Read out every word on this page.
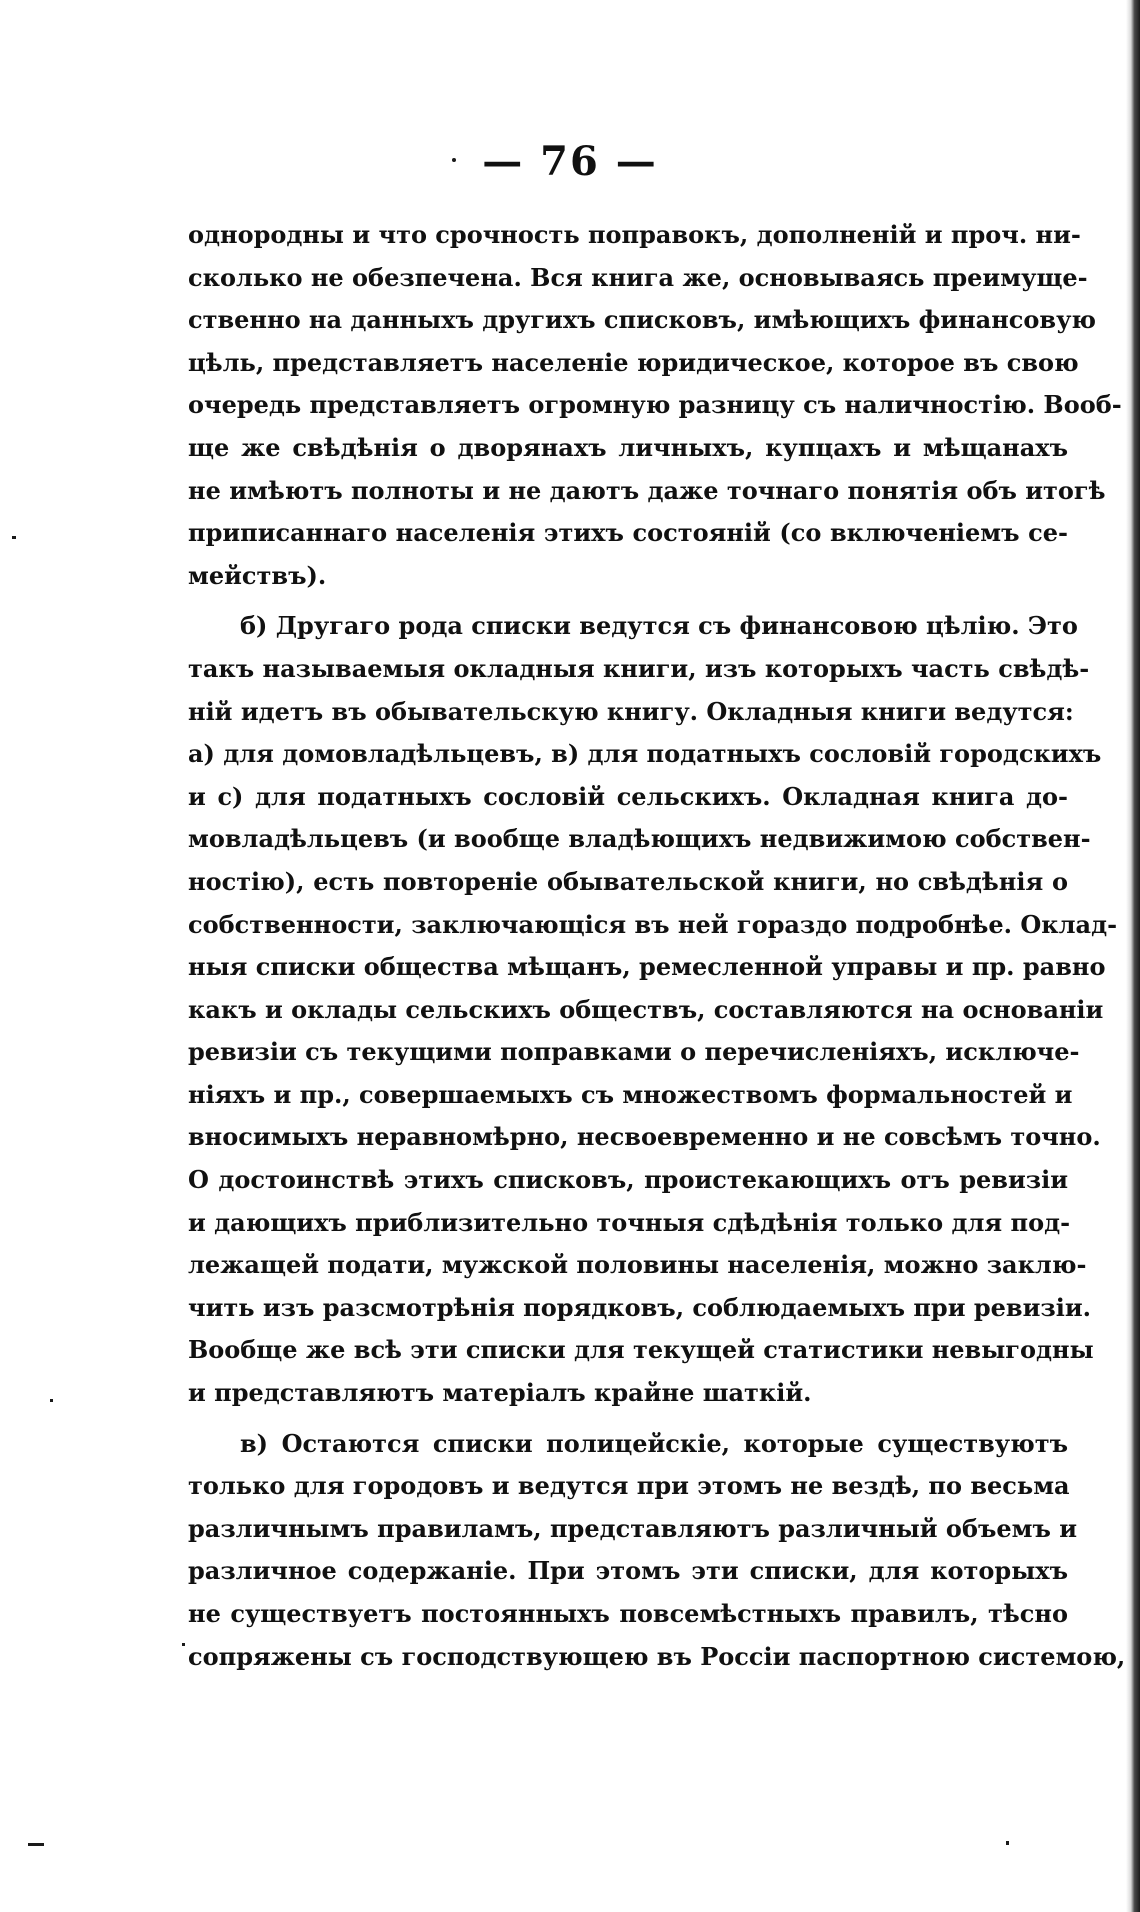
— 76 —
однородны и что срочность поправокъ, дополненій и проч. ни-
сколько не обезпечена. Вся книга же, основываясь преимуще-
ственно на данныхъ другихъ списковъ, имѣющихъ финансовую
цѣль, представляетъ населеніе юридическое, которое въ свою
очередь представляетъ огромную разницу съ наличностію. Вооб-
ще же свѣдѣнія о дворянахъ личныхъ, купцахъ и мѣщанахъ
не имѣютъ полноты и не даютъ даже точнаго понятія объ итогѣ
приписаннаго населенія этихъ состояній (со включеніемъ се-
мействъ).
б) Другаго рода списки ведутся съ финансовою цѣлію. Это
такъ называемыя окладныя книги, изъ которыхъ часть свѣдѣ-
ній идетъ въ обывательскую книгу. Окладныя книги ведутся:
а) для домовладѣльцевъ, в) для податныхъ сословій городскихъ
и с) для податныхъ сословій сельскихъ. Окладная книга до-
мовладѣльцевъ (и вообще владѣющихъ недвижимою собствен-
ностію), есть повтореніе обывательской книги, но свѣдѣнія о
собственности, заключающіся въ ней гораздо подробнѣе. Оклад-
ныя списки общества мѣщанъ, ремесленной управы и пр. равно
какъ и оклады сельскихъ обществъ, составляются на основаніи
ревизіи съ текущими поправками о перечисленіяхъ, исключе-
ніяхъ и пр., совершаемыхъ съ множествомъ формальностей и
вносимыхъ неравномѣрно, несвоевременно и не совсѣмъ точно.
О достоинствѣ этихъ списковъ, проистекающихъ отъ ревизіи
и дающихъ приблизительно точныя сдѣдѣнія только для под-
лежащей подати, мужской половины населенія, можно заклю-
чить изъ разсмотрѣнія порядковъ, соблюдаемыхъ при ревизіи.
Вообще же всѣ эти списки для текущей статистики невыгодны
и представляютъ матеріалъ крайне шаткій.
в) Остаются списки полицейскіе, которые существуютъ
только для городовъ и ведутся при этомъ не вездѣ, по весьма
различнымъ правиламъ, представляютъ различный объемъ и
различное содержаніе. При этомъ эти списки, для которыхъ
не существуетъ постоянныхъ повсемѣстныхъ правилъ, тѣсно
сопряжены съ господствующею въ Россіи паспортною системою,
